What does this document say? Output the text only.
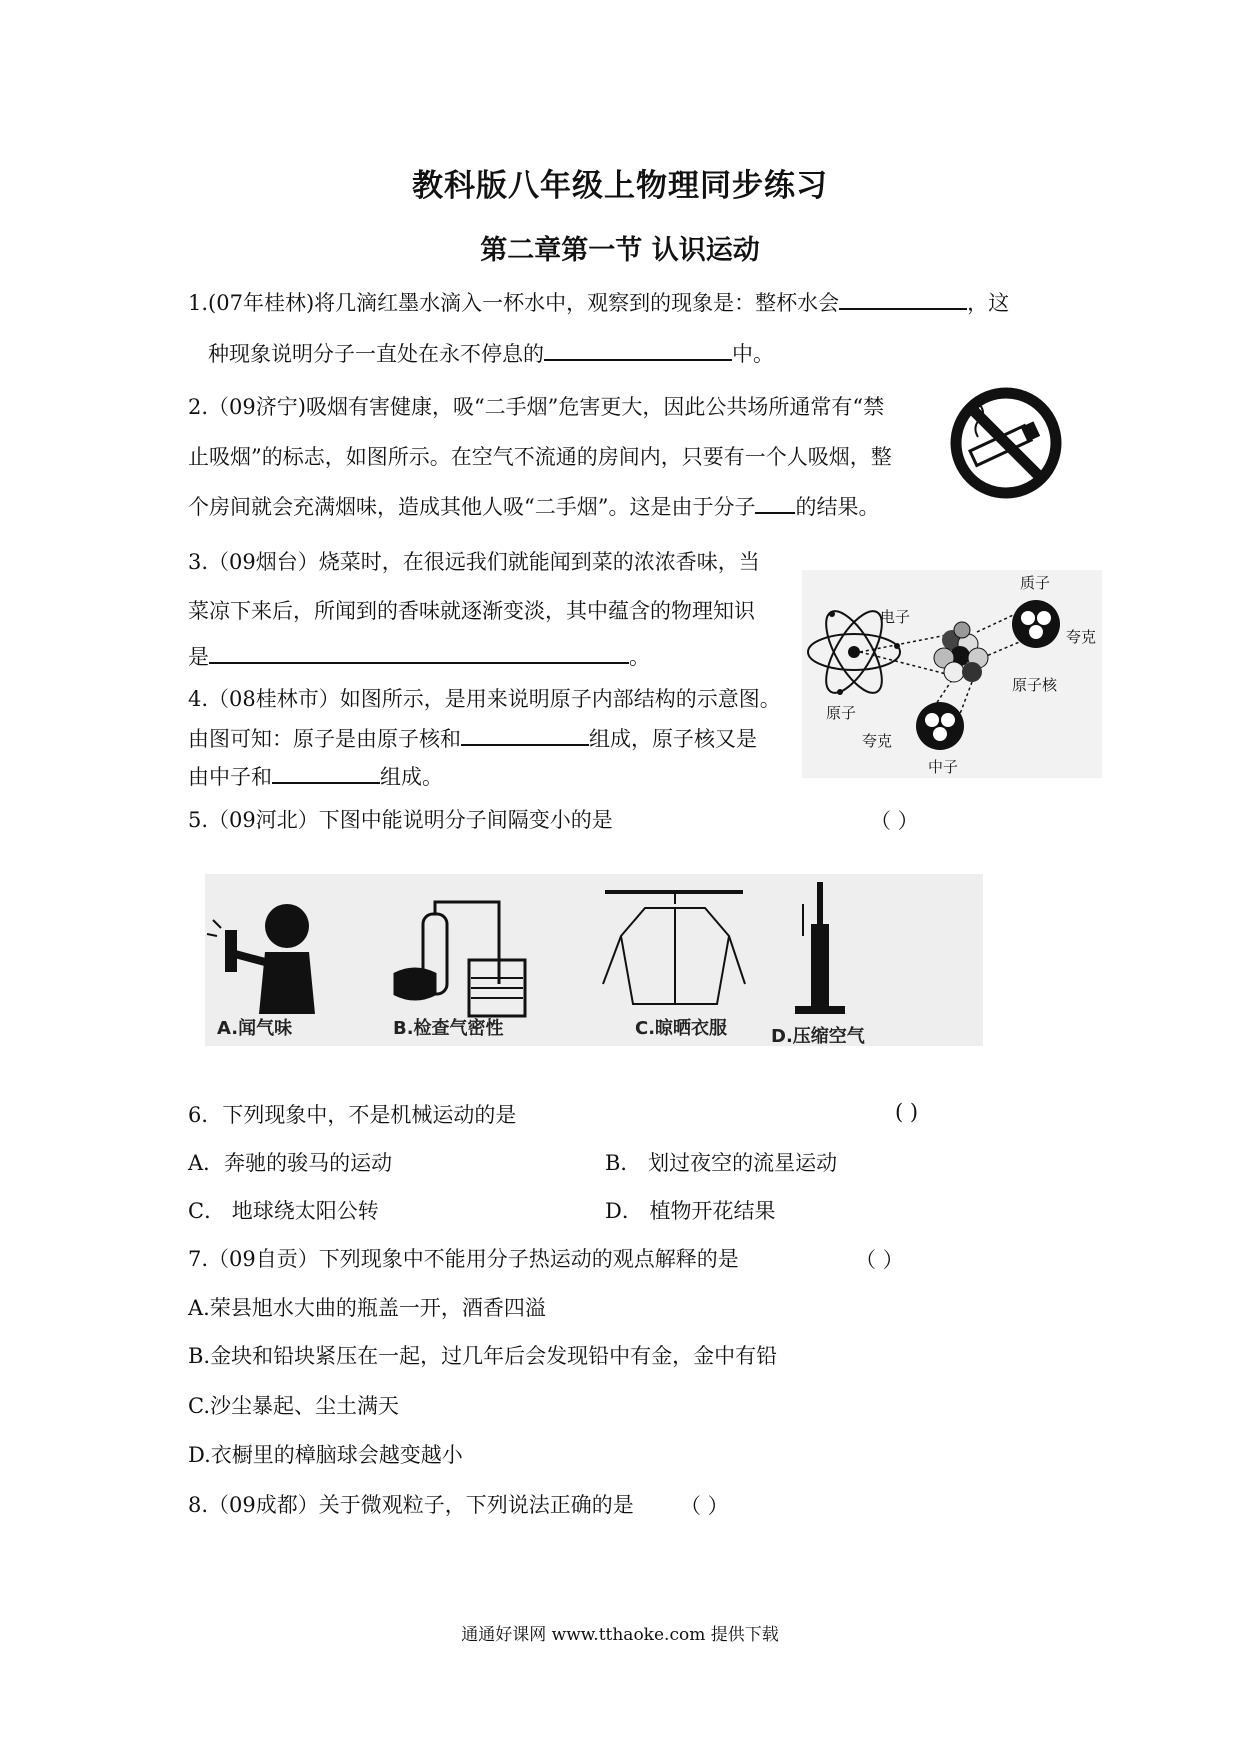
教科版八年级上物理同步练习
第二章第一节 认识运动
1.(07年桂林)将几滴红墨水滴入一杯水中，观察到的现象是：整杯水会	，这
种现象说明分子一直处在永不停息的	中。
2.（09济宁)吸烟有害健康，吸“二手烟”危害更大，因此公共场所通常有“禁
止吸烟”的标志，如图所示。在空气不流通的房间内，只要有一个人吸烟，整
个房间就会充满烟味，造成其他人吸“二手烟”。这是由于分子 的结果。
3.（09烟台）烧菜时，在很远我们就能闻到菜的浓浓香味，当
菜凉下来后，所闻到的香味就逐渐变淡，其中蕴含的物理知识
是	。
4.（08桂林市）如图所示，是用来说明原子内部结构的示意图。
由图可知：原子是由原子核和	组成，原子核又是
由中子和	组成。
电子
质子
夸克
原子核
原子
夸克
中子
5.（09河北）下图中能说明分子间隔变小的是	（ ）
A.闻气味	B.检查气密性	C.晾晒衣服 D.压缩空气
6．下列现象中，不是机械运动的是	( )
A．奔驰的骏马的运动	B． 划过夜空的流星运动
C． 地球绕太阳公转	D． 植物开花结果
7.（09自贡）下列现象中不能用分子热运动的观点解释的是	（ ）
A.荣县旭水大曲的瓶盖一开，酒香四溢
B.金块和铅块紧压在一起，过几年后会发现铅中有金，金中有铅
C.沙尘暴起、尘土满天
D.衣橱里的樟脑球会越变越小
8.（09成都）关于微观粒子，下列说法正确的是 （ ）
通通好课网 www.tthaoke.com 提供下载
